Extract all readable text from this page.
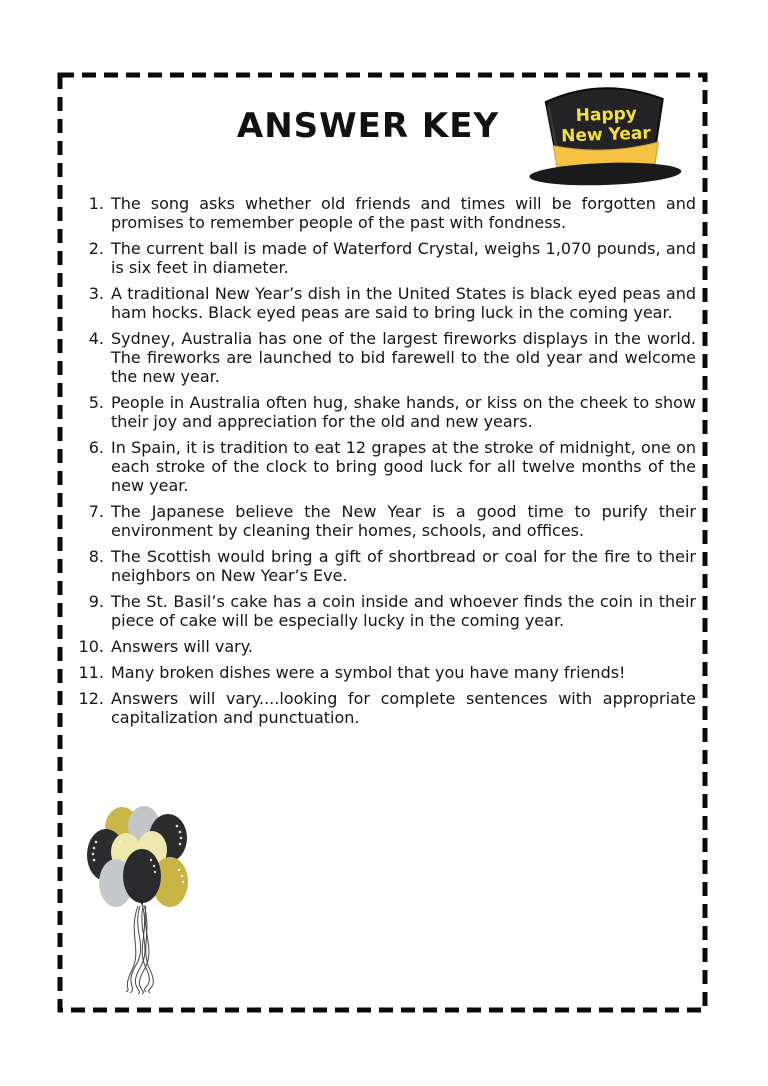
ANSWER KEY	Happy
New Year
1. The song asks whether old friends and times will be forgotten and promises to remember people of the past with fondness.
2. The current ball is made of Waterford Crystal, weighs 1,070 pounds, and is six feet in diameter.
3. A traditional New Year’s dish in the United States is black eyed peas and ham hocks. Black eyed peas are said to bring luck in the coming year.
4. Sydney, Australia has one of the largest fireworks displays in the world. The fireworks are launched to bid farewell to the old year and welcome the new year.
5. People in Australia often hug, shake hands, or kiss on the cheek to show their joy and appreciation for the old and new years.
6. In Spain, it is tradition to eat 12 grapes at the stroke of midnight, one on each stroke of the clock to bring good luck for all twelve months of the new year.
7. The Japanese believe the New Year is a good time to purify their environment by cleaning their homes, schools, and offices.
8. The Scottish would bring a gift of shortbread or coal for the fire to their neighbors on New Year’s Eve.
9. The St. Basil’s cake has a coin inside and whoever finds the coin in their piece of cake will be especially lucky in the coming year.
10. Answers will vary.
11. Many broken dishes were a symbol that you have many friends!
12. Answers will vary....looking for complete sentences with appropriate capitalization and punctuation.
